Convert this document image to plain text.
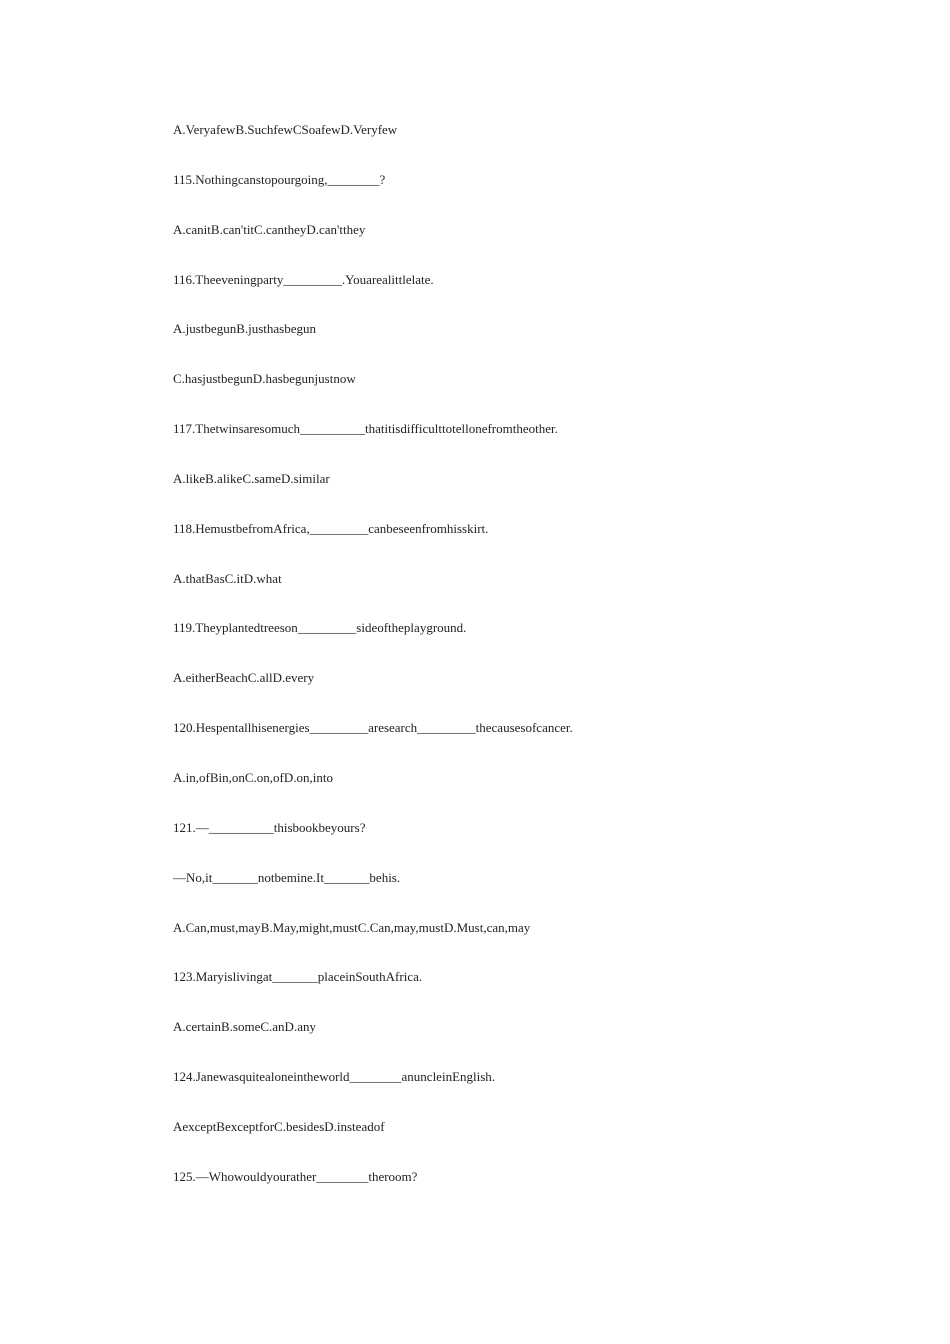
A.VeryafewB.SuchfewCSoafewD.Veryfew
115.Nothingcanstopourgoing,________?
A.canitB.can'titC.cantheyD.can'tthey
116.Theeveningparty_________.Youarealittlelate.
A.justbegunB.justhasbegun
C.hasjustbegunD.hasbegunjustnow
117.Thetwinsaresomuch__________thatitisdifficulttotellonefromtheother.
A.likeB.alikeC.sameD.similar
118.HemustbefromAfrica,_________canbeseenfromhisskirt.
A.thatBasC.itD.what
119.Theyplantedtreeson_________sideoftheplayground.
A.eitherBeachC.allD.every
120.Hespentallhisenergies_________aresearch_________thecausesofcancer.
A.in,ofBin,onC.on,ofD.on,into
121.—__________thisbookbeyours?
—No,it_______notbemine.It_______behis.
A.Can,must,mayB.May,might,mustC.Can,may,mustD.Must,can,may
123.Maryislivingat_______placeinSouthAfrica.
A.certainB.someC.anD.any
124.Janewasquitealoneintheworld________anuncleinEnglish.
AexceptBexceptforC.besidesD.insteadof
125.—Whowouldyourather________theroom?
